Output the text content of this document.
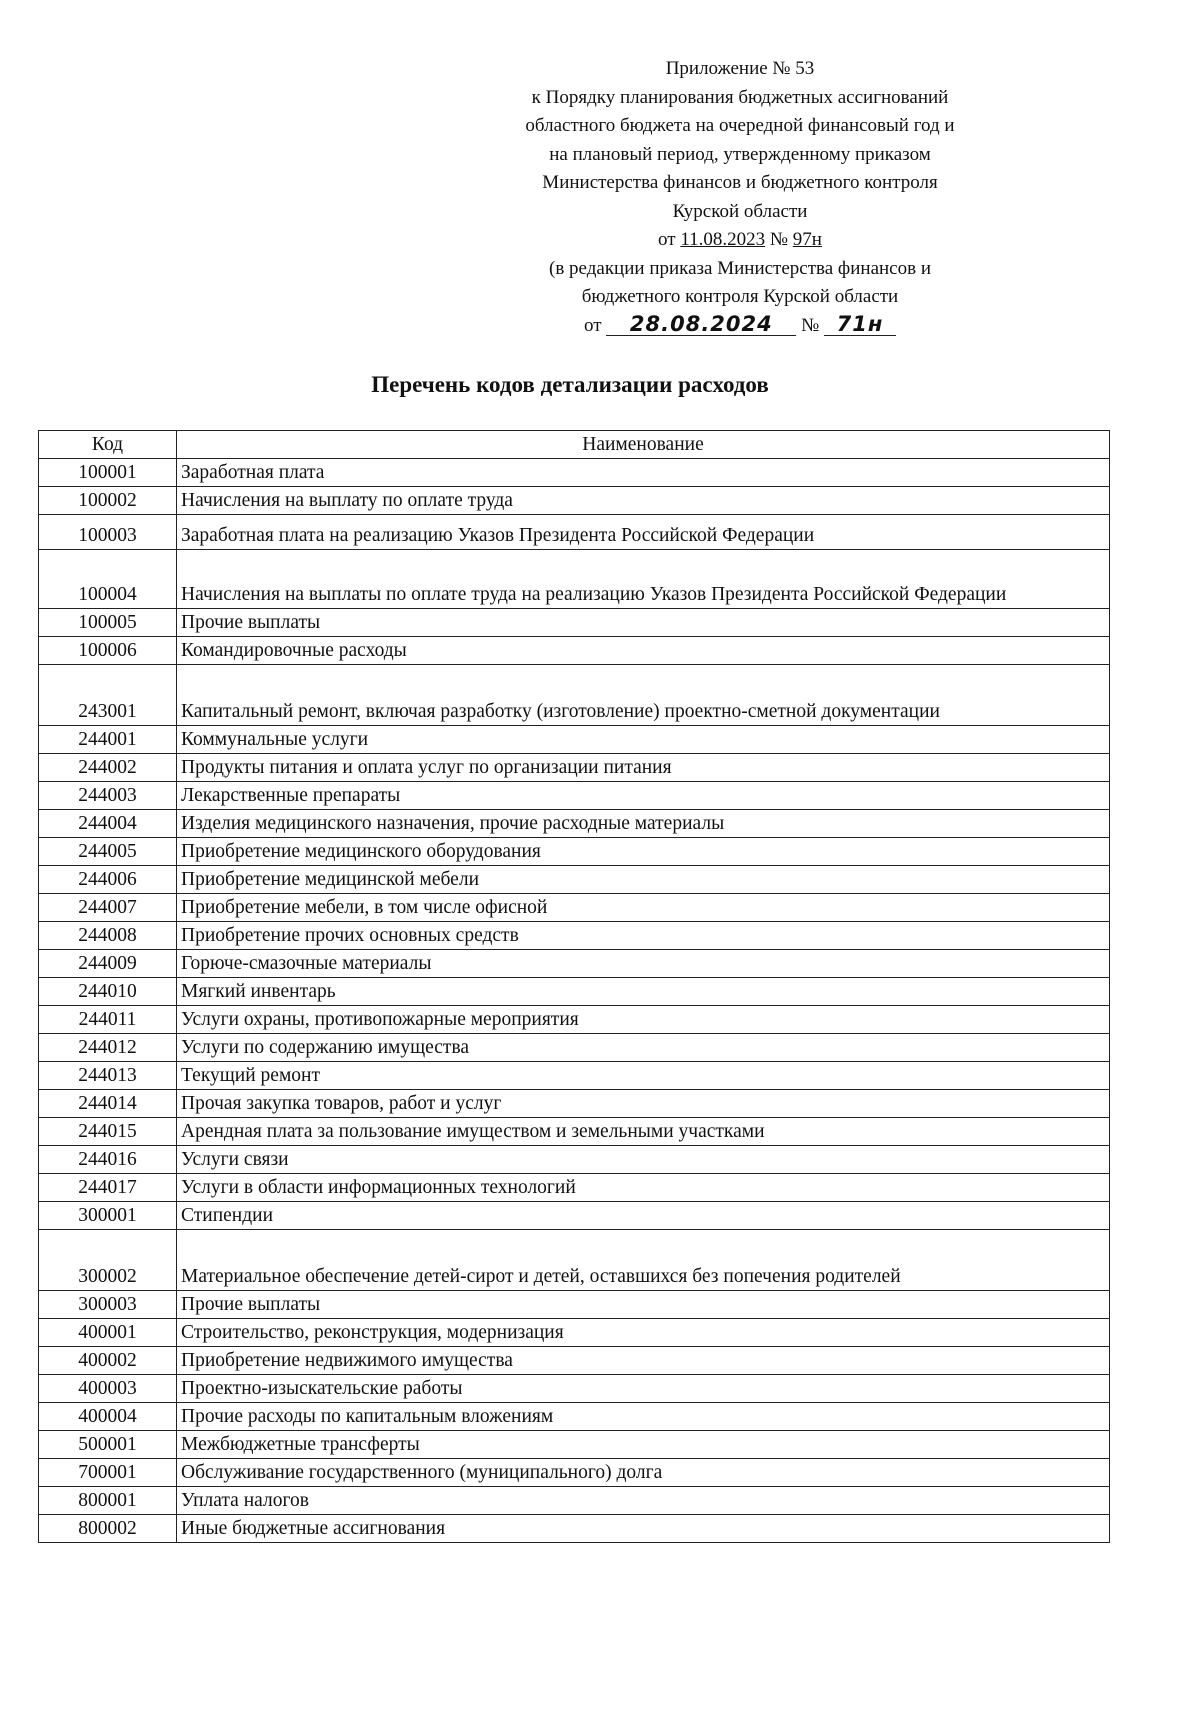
Приложение № 53
к Порядку планирования бюджетных ассигнований
областного бюджета на очередной финансовый год и
на плановый период, утвержденному приказом
Министерства финансов и бюджетного контроля
Курской области
от 11.08.2023 № 97н
(в редакции приказа Министерства финансов и
бюджетного контроля Курской области
от 28.08.2024 № 71н
Перечень кодов детализации расходов
Код	Наименование
100001	Заработная плата
100002	Начисления на выплату по оплате труда
100003	Заработная плата на реализацию Указов Президента Российской Федерации
100004	Начисления на выплаты по оплате труда на реализацию Указов Президента Российской Федерации
100005	Прочие выплаты
100006	Командировочные расходы
243001	Капитальный ремонт, включая разработку (изготовление) проектно-сметной документации
244001	Коммунальные услуги
244002	Продукты питания и оплата услуг по организации питания
244003	Лекарственные препараты
244004	Изделия медицинского назначения, прочие расходные материалы
244005	Приобретение медицинского оборудования
244006	Приобретение медицинской мебели
244007	Приобретение мебели, в том числе офисной
244008	Приобретение прочих основных средств
244009	Горюче-смазочные материалы
244010	Мягкий инвентарь
244011	Услуги охраны, противопожарные мероприятия
244012	Услуги по содержанию имущества
244013	Текущий ремонт
244014	Прочая закупка товаров, работ и услуг
244015	Арендная плата за пользование имуществом и земельными участками
244016	Услуги связи
244017	Услуги в области информационных технологий
300001	Стипендии
300002	Материальное обеспечение детей-сирот и детей, оставшихся без попечения родителей
300003	Прочие выплаты
400001	Строительство, реконструкция, модернизация
400002	Приобретение недвижимого имущества
400003	Проектно-изыскательские работы
400004	Прочие расходы по капитальным вложениям
500001	Межбюджетные трансферты
700001	Обслуживание государственного (муниципального) долга
800001	Уплата налогов
800002	Иные бюджетные ассигнования
